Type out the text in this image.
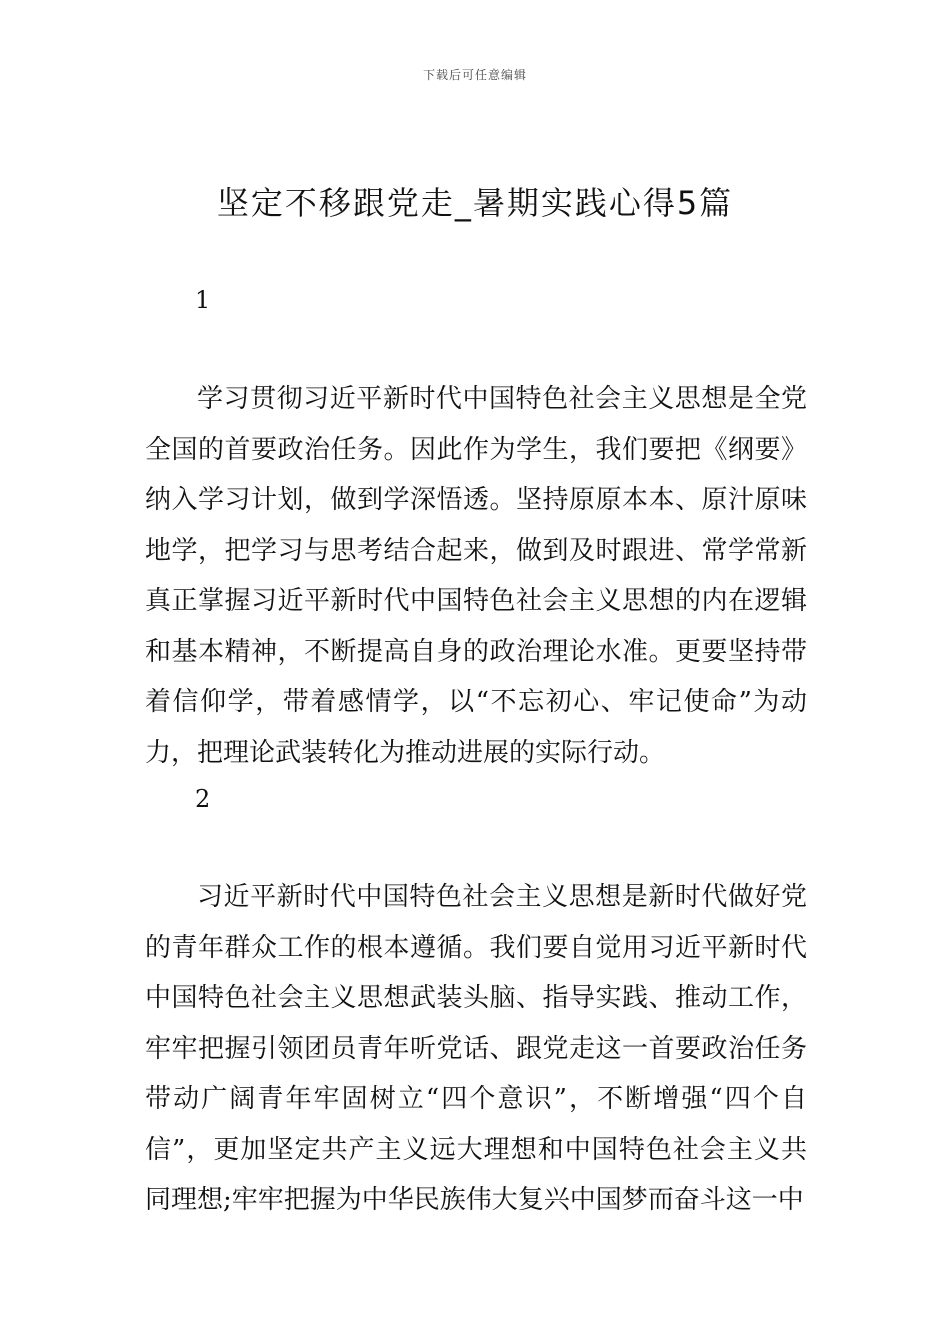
下载后可任意编辑
坚定不移跟党走_暑期实践心得5篇
1

学习贯彻习近平新时代中国特色社会主义思想是全党全国的首要政治任务。因此作为学生，我们要把《纲要》纳入学习计划，做到学深悟透。坚持原原本本、原汁原味地学，把学习与思考结合起来，做到及时跟进、常学常新真正掌握习近平新时代中国特色社会主义思想的内在逻辑和基本精神，不断提高自身的政治理论水准。更要坚持带着信仰学，带着感情学，以“不忘初心、牢记使命”为动力，把理论武装转化为推动进展的实际行动。

2

习近平新时代中国特色社会主义思想是新时代做好党的青年群众工作的根本遵循。我们要自觉用习近平新时代中国特色社会主义思想武装头脑、指导实践、推动工作，牢牢把握引领团员青年听党话、跟党走这一首要政治任务带动广阔青年牢固树立“四个意识”，不断增强“四个自信”，更加坚定共产主义远大理想和中国特色社会主义共同理想;牢牢把握为中华民族伟大复兴中国梦而奋斗这一中
